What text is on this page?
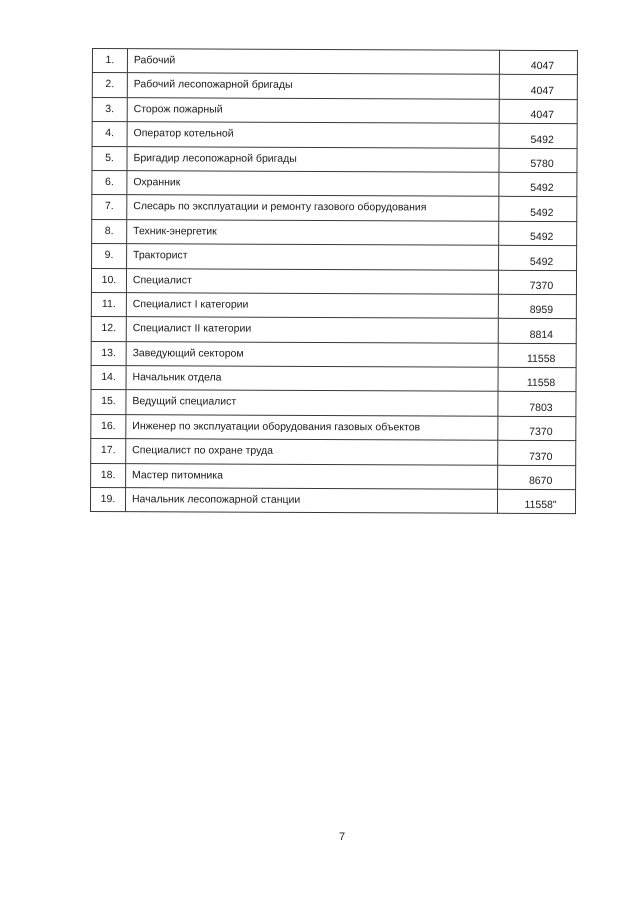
1.	Рабочий	4047
2.	Рабочий лесопожарной бригады	4047
3.	Сторож пожарный	4047
4.	Оператор котельной	5492
5.	Бригадир лесопожарной бригады	5780
6.	Охранник	5492
7.	Слесарь по эксплуатации и ремонту газового оборудования	5492
8.	Техник-энергетик	5492
9.	Тракторист	5492
10.	Специалист	7370
11.	Специалист I категории	8959
12.	Специалист II категории	8814
13.	Заведующий сектором	11558
14.	Начальник отдела	11558
15.	Ведущий специалист	7803
16.	Инженер по эксплуатации оборудования газовых объектов	7370
17.	Специалист по охране труда	7370
18.	Мастер питомника	8670
19.	Начальник лесопожарной станции	11558"
7
